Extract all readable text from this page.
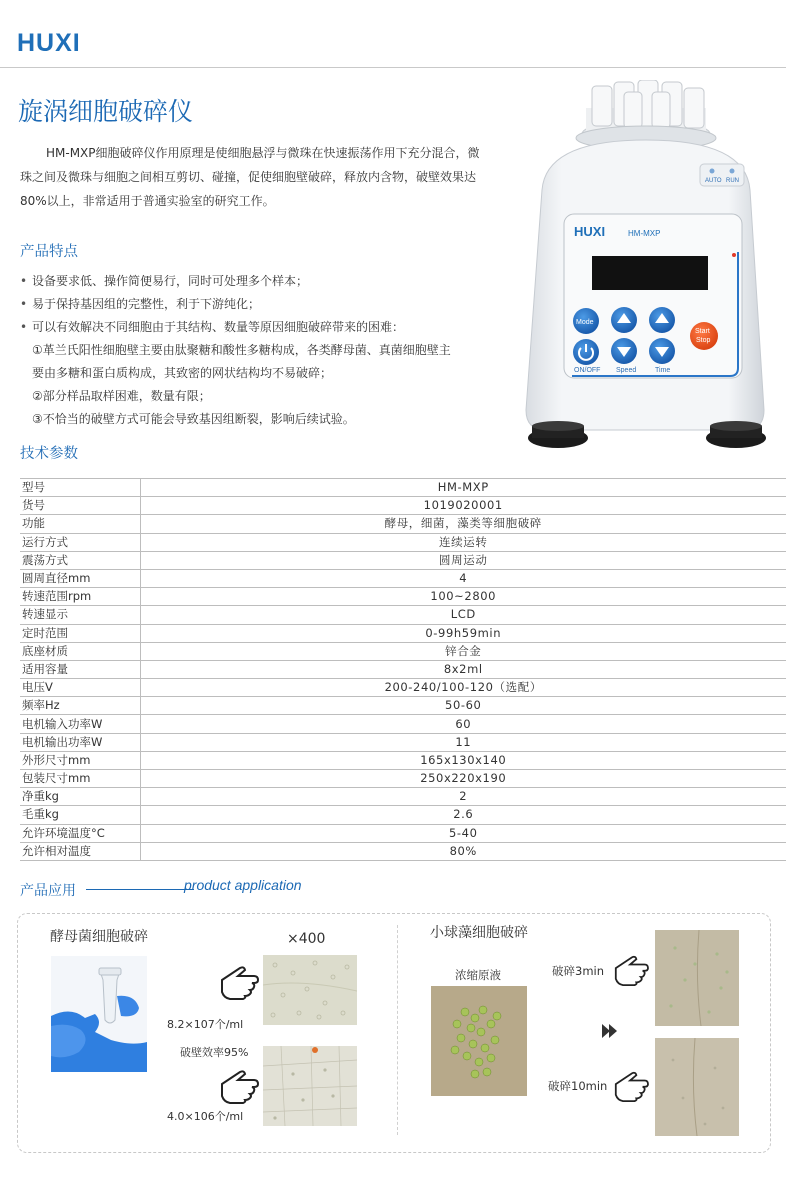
HUXI
旋涡细胞破碎仪

HM-MXP细胞破碎仪作用原理是使细胞悬浮与微珠在快速振荡作用下充分混合，微珠之间及微珠与细胞之间相互剪切、碰撞，促使细胞壁破碎，释放内含物，破壁效果达80%以上，非常适用于普通实验室的研究工作。

产品特点
• 设备要求低、操作简便易行，同时可处理多个样本；
• 易于保持基因组的完整性，利于下游纯化；
• 可以有效解决不同细胞由于其结构、数量等原因细胞破碎带来的困难：
①革兰氏阳性细胞壁主要由肽聚糖和酸性多糖构成，各类酵母菌、真菌细胞壁主
要由多糖和蛋白质构成，其致密的网状结构均不易破碎；
②部分样品取样困难，数量有限；
③不恰当的破壁方式可能会导致基因组断裂，影响后续试验。
AUTO RUN
HUXI	HM-MXP
Mode
Start
Stop
ON/OFF Speed	Time
技术参数
型号	HM-MXP
货号	1019020001
功能	酵母，细菌，藻类等细胞破碎
运行方式	连续运转
震荡方式	圆周运动
圆周直径mm	4
转速范围rpm	100~2800
转速显示	LCD
定时范围	0-99h59min
底座材质	锌合金
适用容量	8x2ml
电压V	200-240/100-120（选配）
频率Hz	50-60
电机输入功率W	60
电机输出功率W	11
外形尺寸mm	165x130x140
包装尺寸mm	250x220x190
净重kg	2
毛重kg	2.6
允许环境温度°C	5-40
允许相对温度	80%
产品应用	product application
酵母菌细胞破碎	×400
8.2×107个/ml
破壁效率95%
4.0×106个/ml
小球藻细胞破碎
浓缩原液	破碎3min
破碎10min
